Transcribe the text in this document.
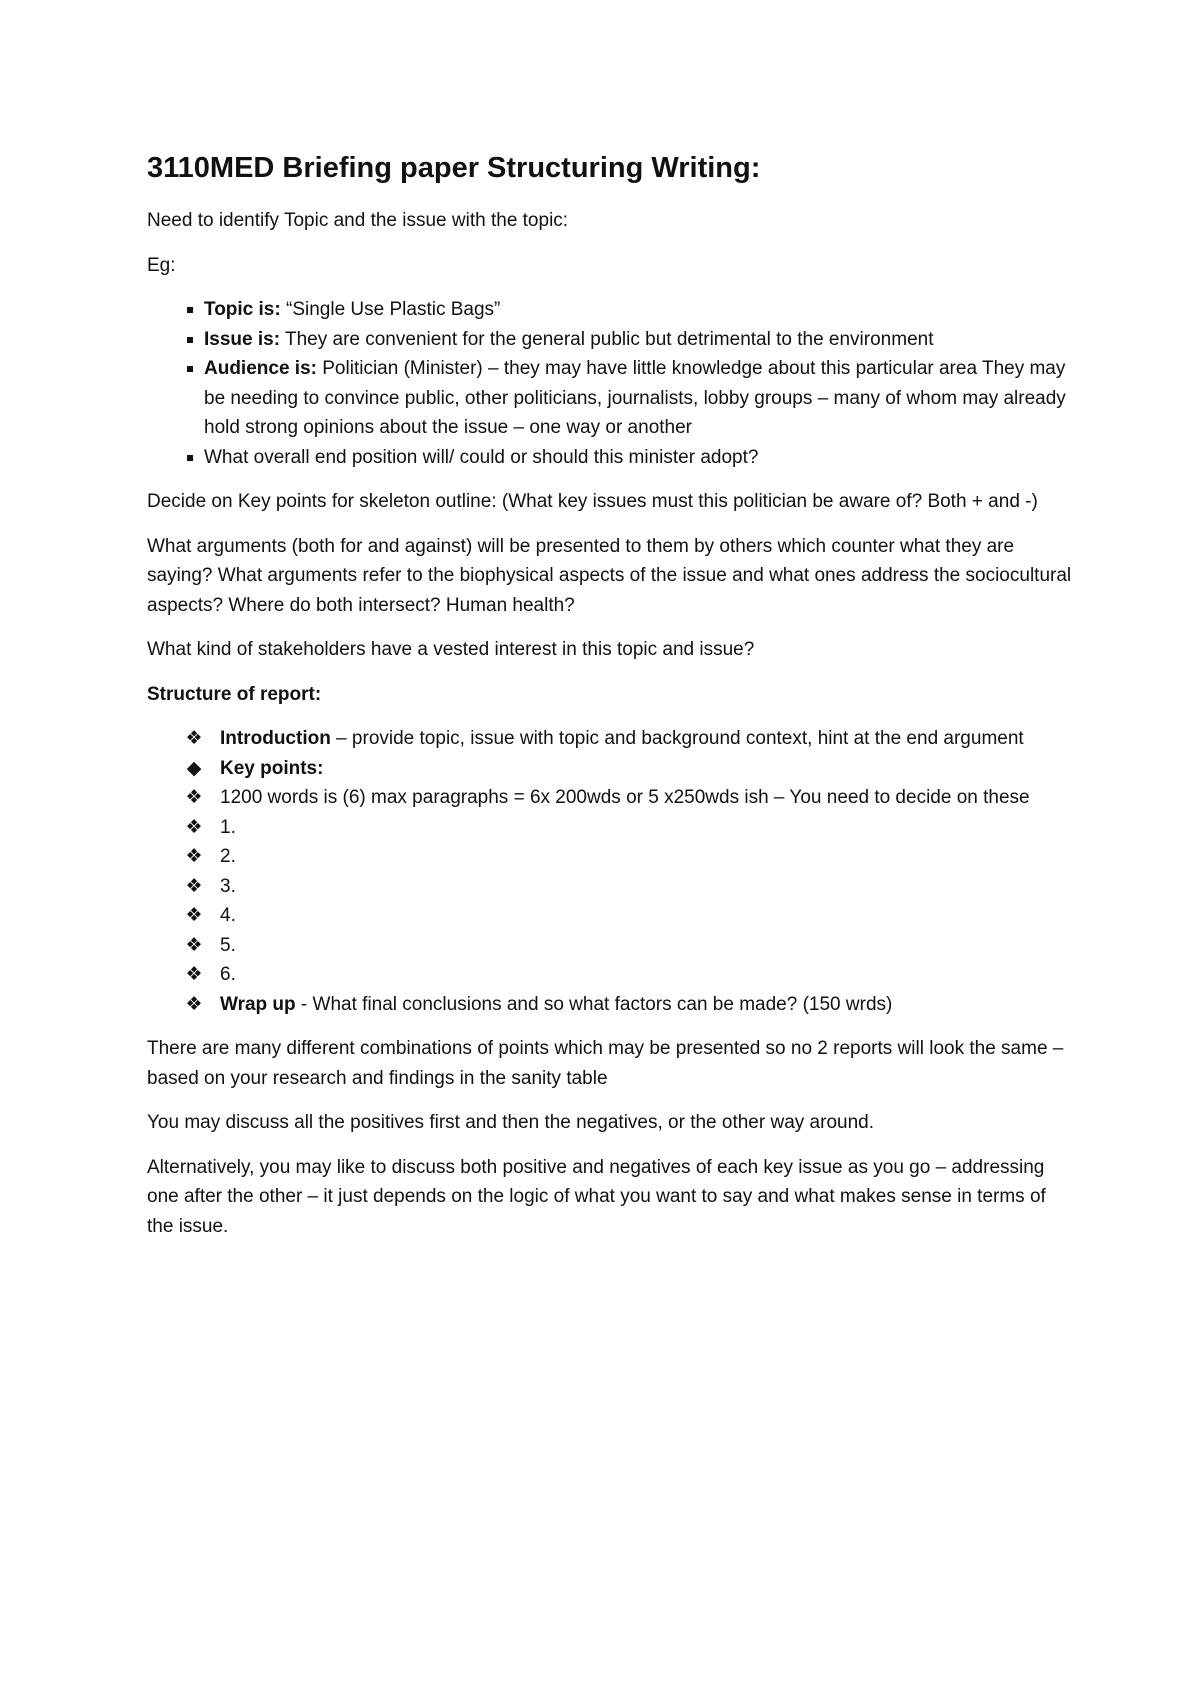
3110MED Briefing paper Structuring Writing:

Need to identify Topic and the issue with the topic:

Eg:

Topic is: “Single Use Plastic Bags”
Issue is: They are convenient for the general public but detrimental to the environment
Audience is: Politician (Minister) – they may have little knowledge about this particular area They may be needing to convince public, other politicians, journalists, lobby groups – many of whom may already hold strong opinions about the issue – one way or another
What overall end position will/ could or should this minister adopt?

Decide on Key points for skeleton outline: (What key issues must this politician be aware of? Both + and -)

What arguments (both for and against) will be presented to them by others which counter what they are saying? What arguments refer to the biophysical aspects of the issue and what ones address the sociocultural aspects? Where do both intersect? Human health?

What kind of stakeholders have a vested interest in this topic and issue?

Structure of report:

❖ Introduction – provide topic, issue with topic and background context, hint at the end argument
◆ Key points:
❖ 1200 words is (6) max paragraphs = 6x 200wds or 5 x250wds ish – You need to decide on these
❖ 1.
❖ 2.
❖ 3.
❖ 4.
❖ 5.
❖ 6.
❖ Wrap up - What final conclusions and so what factors can be made? (150 wrds)

There are many different combinations of points which may be presented so no 2 reports will look the same – based on your research and findings in the sanity table

You may discuss all the positives first and then the negatives, or the other way around.

Alternatively, you may like to discuss both positive and negatives of each key issue as you go – addressing one after the other – it just depends on the logic of what you want to say and what makes sense in terms of the issue.
